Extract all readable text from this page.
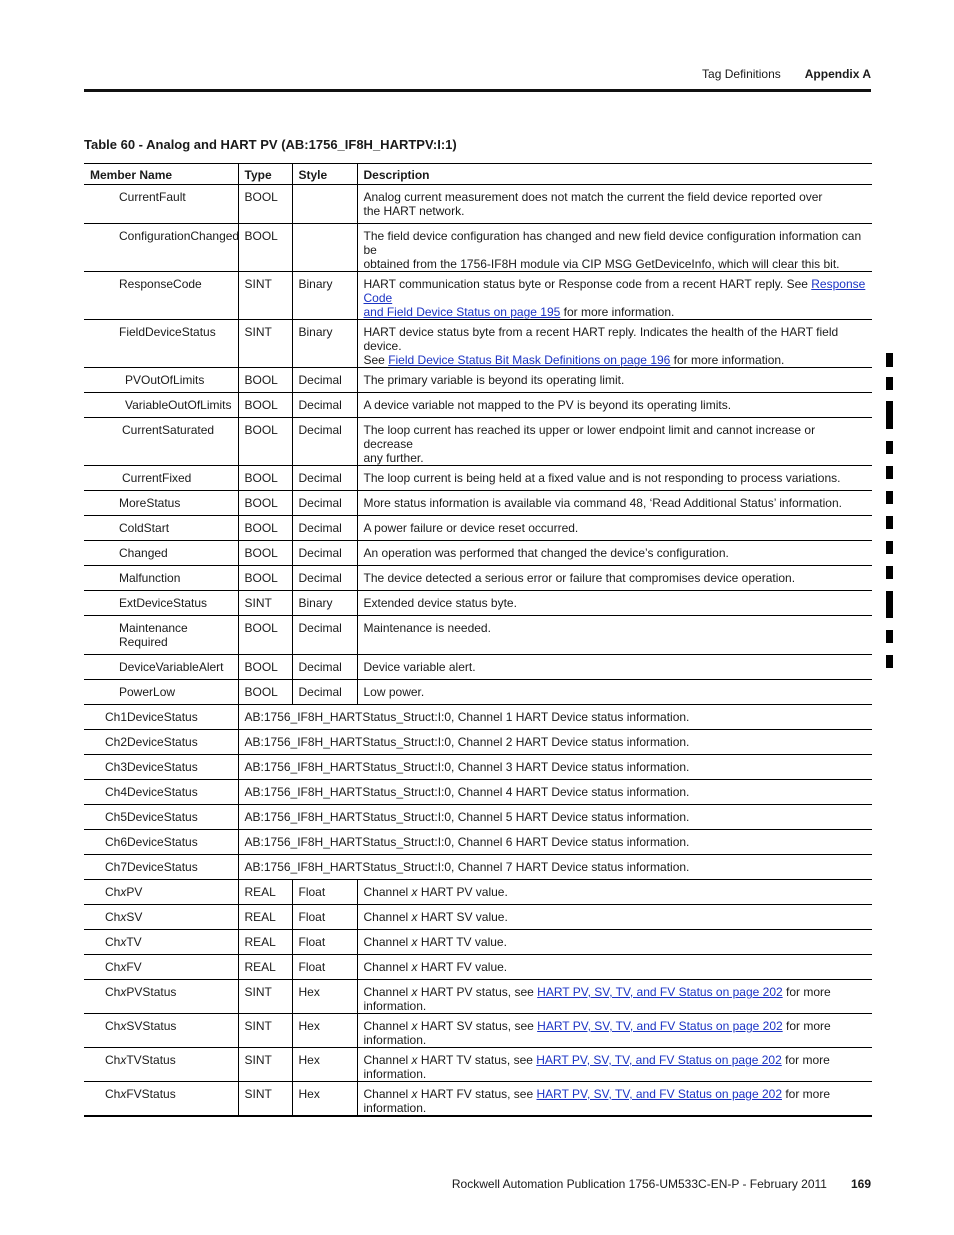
Tag Definitions Appendix A
Table 60 - Analog and HART PV (AB:1756_IF8H_HARTPV:I:1)
Member Name	Type	Style	Description
CurrentFault	BOOL		Analog current measurement does not match the current the field device reported over
the HART network.
ConfigurationChanged	BOOL		The field device configuration has changed and new field device configuration information can be
obtained from the 1756-IF8H module via CIP MSG GetDeviceInfo, which will clear this bit.
ResponseCode	SINT	Binary	HART communication status byte or Response code from a recent HART reply. See Response Code
and Field Device Status on page 195 for more information.
FieldDeviceStatus	SINT	Binary	HART device status byte from a recent HART reply. Indicates the health of the HART field device.
See Field Device Status Bit Mask Definitions on page 196 for more information.
PVOutOfLimits	BOOL	Decimal	The primary variable is beyond its operating limit.
VariableOutOfLimits	BOOL	Decimal	A device variable not mapped to the PV is beyond its operating limits.
CurrentSaturated	BOOL	Decimal	The loop current has reached its upper or lower endpoint limit and cannot increase or decrease
any further.
CurrentFixed	BOOL	Decimal	The loop current is being held at a fixed value and is not responding to process variations.
MoreStatus	BOOL	Decimal	More status information is available via command 48, ‘Read Additional Status’ information.
ColdStart	BOOL	Decimal	A power failure or device reset occurred.
Changed	BOOL	Decimal	An operation was performed that changed the device’s configuration.
Malfunction	BOOL	Decimal	The device detected a serious error or failure that compromises device operation.
ExtDeviceStatus	SINT	Binary	Extended device status byte.
Maintenance
Required	BOOL	Decimal	Maintenance is needed.
DeviceVariableAlert	BOOL	Decimal	Device variable alert.
PowerLow	BOOL	Decimal	Low power.
Ch1DeviceStatus	AB:1756_IF8H_HARTStatus_Struct:I:0, Channel 1 HART Device status information.		
Ch2DeviceStatus	AB:1756_IF8H_HARTStatus_Struct:I:0, Channel 2 HART Device status information.		
Ch3DeviceStatus	AB:1756_IF8H_HARTStatus_Struct:I:0, Channel 3 HART Device status information.		
Ch4DeviceStatus	AB:1756_IF8H_HARTStatus_Struct:I:0, Channel 4 HART Device status information.		
Ch5DeviceStatus	AB:1756_IF8H_HARTStatus_Struct:I:0, Channel 5 HART Device status information.		
Ch6DeviceStatus	AB:1756_IF8H_HARTStatus_Struct:I:0, Channel 6 HART Device status information.		
Ch7DeviceStatus	AB:1756_IF8H_HARTStatus_Struct:I:0, Channel 7 HART Device status information.		
ChxPV	REAL	Float	Channel x HART PV value.
ChxSV	REAL	Float	Channel x HART SV value.
ChxTV	REAL	Float	Channel x HART TV value.
ChxFV	REAL	Float	Channel x HART FV value.
ChxPVStatus	SINT	Hex	Channel x HART PV status, see HART PV, SV, TV, and FV Status on page 202 for more information.
ChxSVStatus	SINT	Hex	Channel x HART SV status, see HART PV, SV, TV, and FV Status on page 202 for more information.
ChxTVStatus	SINT	Hex	Channel x HART TV status, see HART PV, SV, TV, and FV Status on page 202 for more information.
ChxFVStatus	SINT	Hex	Channel x HART FV status, see HART PV, SV, TV, and FV Status on page 202 for more information.
Rockwell Automation Publication 1756-UM533C-EN-P - February 2011 169
